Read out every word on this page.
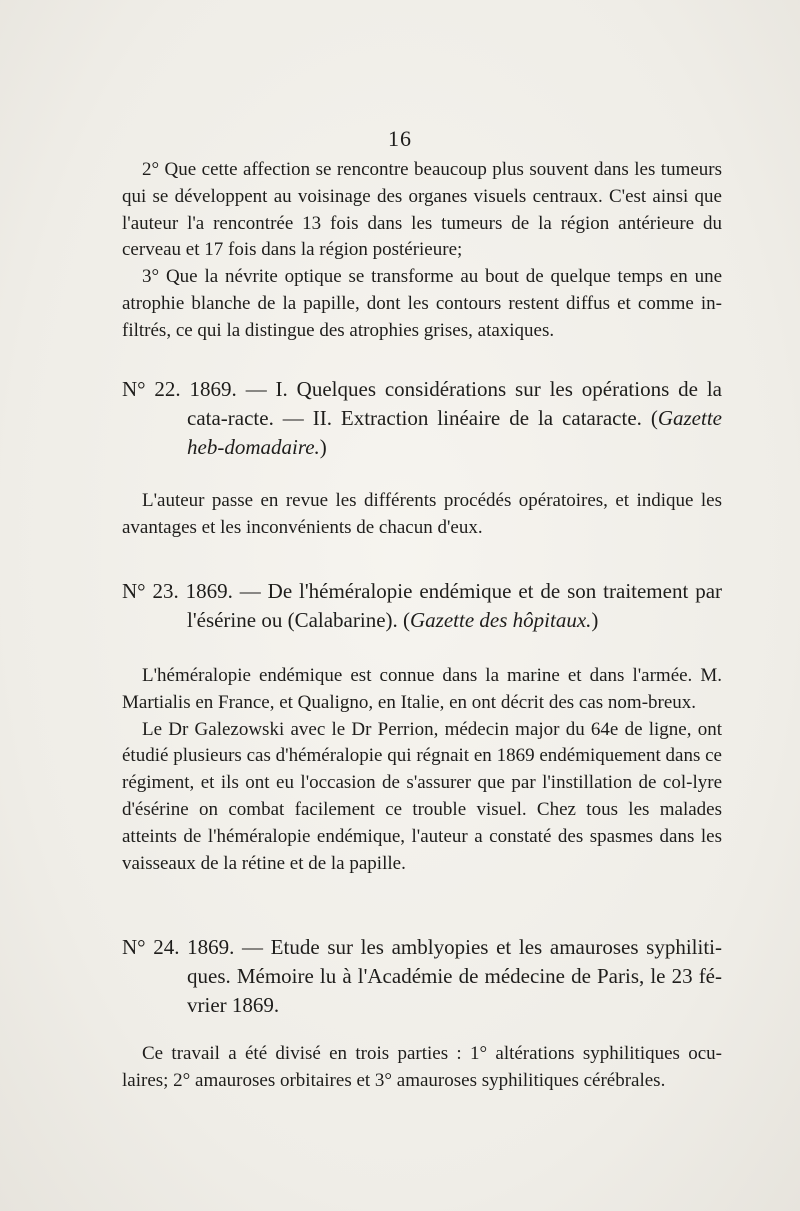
16

2° Que cette affection se rencontre beaucoup plus souvent dans les tumeurs qui se développent au voisinage des organes visuels centraux. C'est ainsi que l'auteur l'a rencontrée 13 fois dans les tumeurs de la région antérieure du cerveau et 17 fois dans la région postérieure;

3° Que la névrite optique se transforme au bout de quelque temps en une atrophie blanche de la papille, dont les contours restent diffus et comme in-filtrés, ce qui la distingue des atrophies grises, ataxiques.

N° 22. 1869. — I. Quelques considérations sur les opérations de la cata-racte. — II. Extraction linéaire de la cataracte. (Gazette heb-domadaire.)

L'auteur passe en revue les différents procédés opératoires, et indique les avantages et les inconvénients de chacun d'eux.

N° 23. 1869. — De l'héméralopie endémique et de son traitement par l'ésérine ou (Calabarine). (Gazette des hôpitaux.)

L'héméralopie endémique est connue dans la marine et dans l'armée. M. Martialis en France, et Qualigno, en Italie, en ont décrit des cas nom-breux.

Le Dr Galezowski avec le Dr Perrion, médecin major du 64e de ligne, ont étudié plusieurs cas d'héméralopie qui régnait en 1869 endémiquement dans ce régiment, et ils ont eu l'occasion de s'assurer que par l'instillation de col-lyre d'ésérine on combat facilement ce trouble visuel. Chez tous les malades atteints de l'héméralopie endémique, l'auteur a constaté des spasmes dans les vaisseaux de la rétine et de la papille.

N° 24. 1869. — Etude sur les amblyopies et les amauroses syphiliti-ques. Mémoire lu à l'Académie de médecine de Paris, le 23 fé-vrier 1869.

Ce travail a été divisé en trois parties : 1° altérations syphilitiques ocu-laires; 2° amauroses orbitaires et 3° amauroses syphilitiques cérébrales.
